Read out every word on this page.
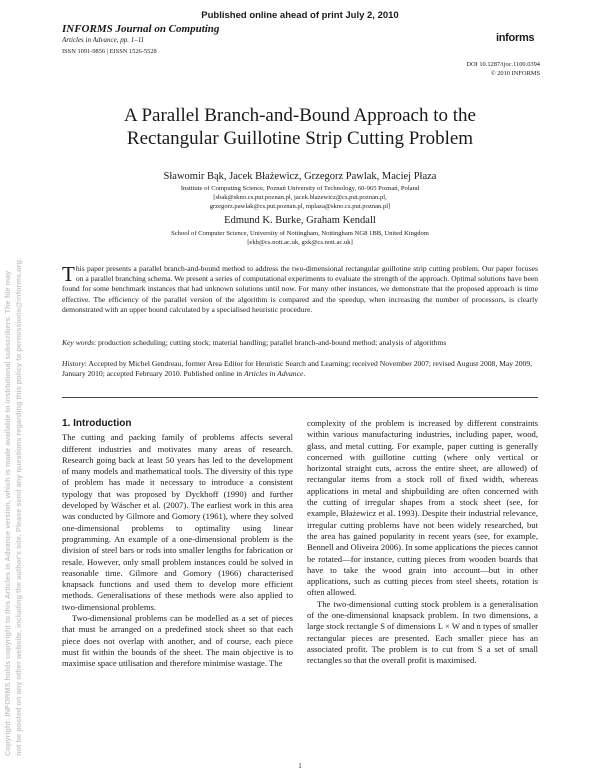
Published online ahead of print July 2, 2010
Copyright: INFORMS holds copyright to this Articles in Advance version, which is made available to institutional subscribers. The file may not be posted on any other website, including the author's site. Please send any questions regarding this policy to permissions@informs.org.
INFORMS Journal on Computing
Articles in Advance, pp. 1–11
ISSN 1091-9856 | EISSN 1526-5528
informs
DOI 10.1287/ijoc.1100.0394
© 2010 INFORMS
A Parallel Branch-and-Bound Approach to the
Rectangular Guillotine Strip Cutting Problem
Sławomir Bąk, Jacek Błażewicz, Grzegorz Pawlak, Maciej Płaza
Institute of Computing Science, Poznań University of Technology, 60-965 Poznań, Poland
[sbak@skno.cs.put.poznan.pl, jacek.blazewicz@cs.put.poznan.pl,
grzegorz.pawlak@cs.put.poznan.pl, mplaza@skno.cs.put.poznan.pl]
Edmund K. Burke, Graham Kendall
School of Computer Science, University of Nottingham, Nottingham NG8 1BB, United Kingdom
[ekb@cs.nott.ac.uk, gxk@cs.nott.ac.uk]
This paper presents a parallel branch-and-bound method to address the two-dimensional rectangular guillotine strip cutting problem. Our paper focuses on a parallel branching schema. We present a series of computational experiments to evaluate the strength of the approach. Optimal solutions have been found for some benchmark instances that had unknown solutions until now. For many other instances, we demonstrate that the proposed approach is time effective. The efficiency of the parallel version of the algorithm is compared and the speedup, when increasing the number of processors, is clearly demonstrated with an upper bound calculated by a specialised heuristic procedure.
Key words: production scheduling; cutting stock; material handling; parallel branch-and-bound method; analysis of algorithms
History: Accepted by Michel Gendreau, former Area Editor for Heuristic Search and Learning; received November 2007; revised August 2008, May 2009, January 2010; accepted February 2010. Published online in Articles in Advance.
1. Introduction

The cutting and packing family of problems affects several different industries and motivates many areas of research. Research going back at least 50 years has led to the development of many models and mathematical tools. The diversity of this type of problem has made it necessary to introduce a consistent typology that was proposed by Dyckhoff (1990) and further developed by Wäscher et al. (2007). The earliest work in this area was conducted by Gilmore and Gomory (1961), where they solved one-dimensional problems to optimality using linear programming. An example of a one-dimensional problem is the division of steel bars or rods into smaller lengths for fabrication or resale. However, only small problem instances could be solved in reasonable time. Gilmore and Gomory (1966) characterised knapsack functions and used them to develop more efficient methods. Generalisations of these methods were also applied to two-dimensional problems.

Two-dimensional problems can be modelled as a set of pieces that must be arranged on a predefined stock sheet so that each piece does not overlap with another, and of course, each piece must fit within the bounds of the sheet. The main objective is to maximise space utilisation and therefore minimise wastage. The

complexity of the problem is increased by different constraints within various manufacturing industries, including paper, wood, glass, and metal cutting. For example, paper cutting is generally concerned with guillotine cutting (where only vertical or horizontal straight cuts, across the entire sheet, are allowed) of rectangular items from a stock roll of fixed width, whereas applications in metal and shipbuilding are often concerned with the cutting of irregular shapes from a stock sheet (see, for example, Błażewicz et al. 1993). Despite their industrial relevance, irregular cutting problems have not been widely researched, but the area has gained popularity in recent years (see, for example, Bennell and Oliveira 2006). In some applications the pieces cannot be rotated—for instance, cutting pieces from wooden boards that have to take the wood grain into account—but in other applications, such as cutting pieces from steel sheets, rotation is often allowed.

The two-dimensional cutting stock problem is a generalisation of the one-dimensional knapsack problem. In two dimensions, a large stock rectangle S of dimensions L × W and n types of smaller rectangular pieces are presented. Each smaller piece has an associated profit. The problem is to cut from S a set of small rectangles so that the overall profit is maximised.

1
